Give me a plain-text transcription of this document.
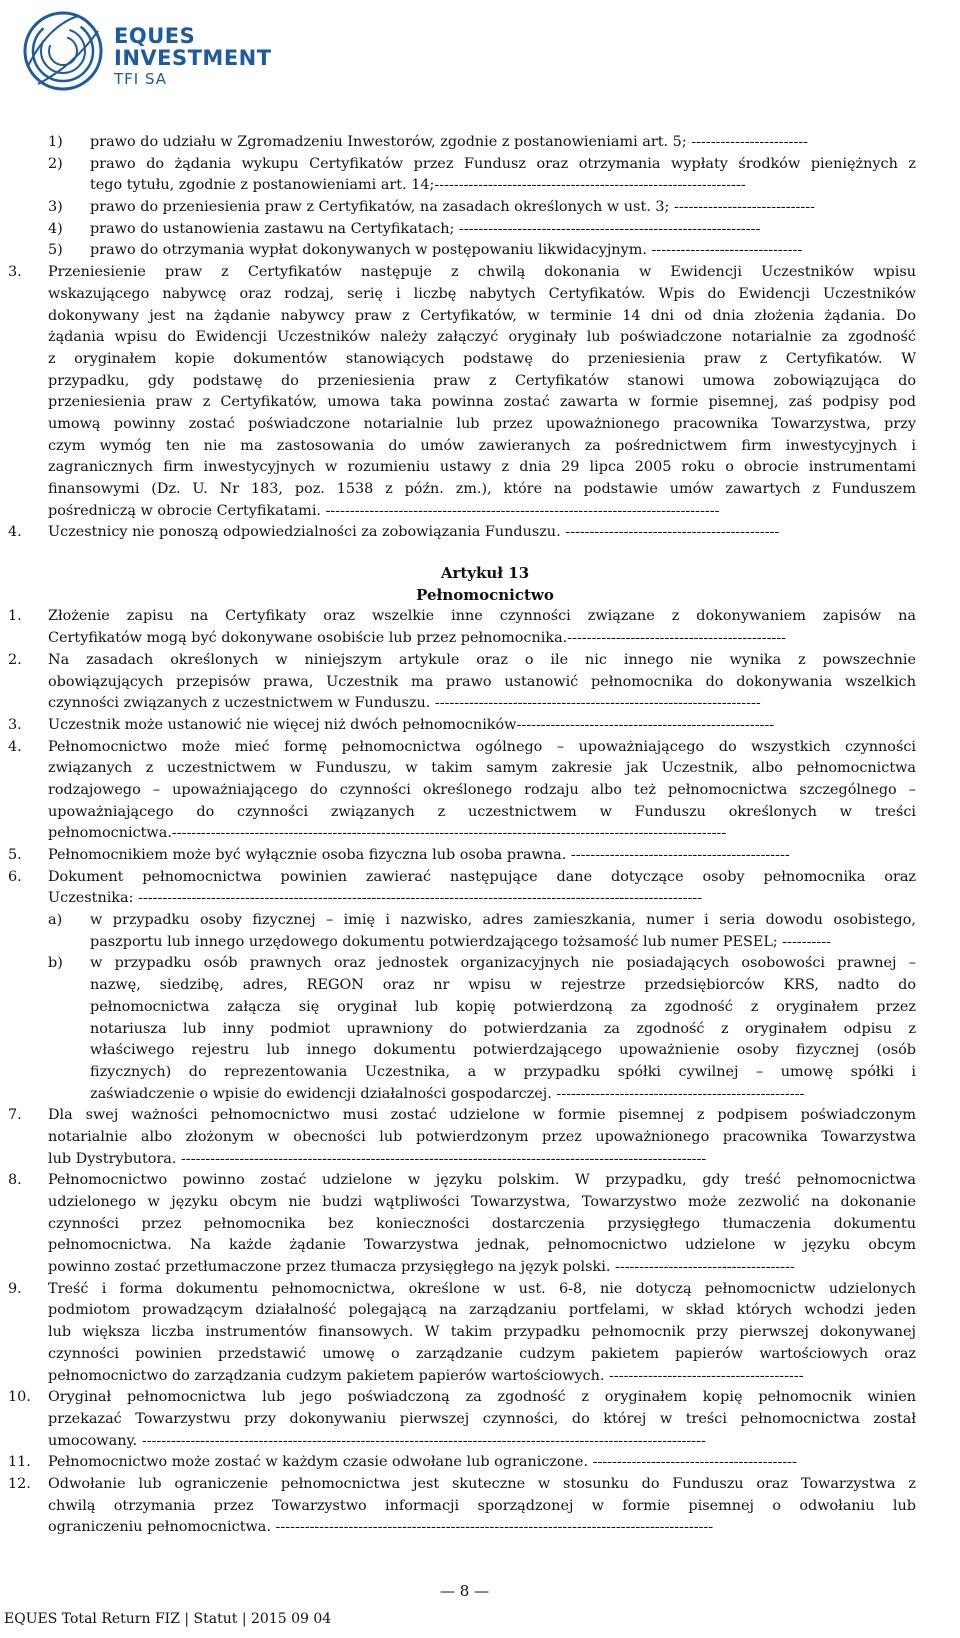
EQUES
INVESTMENT
TFI SA
1) prawo do udziału w Zgromadzeniu Inwestorów, zgodnie z postanowieniami art. 5; ------------------------
2) prawo do żądania wykupu Certyfikatów przez Fundusz oraz otrzymania wypłaty środków pieniężnych z
tego tytułu, zgodnie z postanowieniami art. 14;----------------------------------------------------------------
3) prawo do przeniesienia praw z Certyfikatów, na zasadach określonych w ust. 3; -----------------------------
4) prawo do ustanowienia zastawu na Certyfikatach; --------------------------------------------------------------
5) prawo do otrzymania wypłat dokonywanych w postępowaniu likwidacyjnym. -------------------------------
3. Przeniesienie praw z Certyfikatów następuje z chwilą dokonania w Ewidencji Uczestników wpisu
wskazującego nabywcę oraz rodzaj, serię i liczbę nabytych Certyfikatów. Wpis do Ewidencji Uczestników
dokonywany jest na żądanie nabywcy praw z Certyfikatów, w terminie 14 dni od dnia złożenia żądania. Do
żądania wpisu do Ewidencji Uczestników należy załączyć oryginały lub poświadczone notarialnie za zgodność
z oryginałem kopie dokumentów stanowiących podstawę do przeniesienia praw z Certyfikatów. W
przypadku, gdy podstawę do przeniesienia praw z Certyfikatów stanowi umowa zobowiązująca do
przeniesienia praw z Certyfikatów, umowa taka powinna zostać zawarta w formie pisemnej, zaś podpisy pod
umową powinny zostać poświadczone notarialnie lub przez upoważnionego pracownika Towarzystwa, przy
czym wymóg ten nie ma zastosowania do umów zawieranych za pośrednictwem firm inwestycyjnych i
zagranicznych firm inwestycyjnych w rozumieniu ustawy z dnia 29 lipca 2005 roku o obrocie instrumentami
finansowymi (Dz. U. Nr 183, poz. 1538 z późn. zm.), które na podstawie umów zawartych z Funduszem
pośredniczą w obrocie Certyfikatami. ---------------------------------------------------------------------------------
4. Uczestnicy nie ponoszą odpowiedzialności za zobowiązania Funduszu. --------------------------------------------
Artykuł 13
Pełnomocnictwo
1. Złożenie zapisu na Certyfikaty oraz wszelkie inne czynności związane z dokonywaniem zapisów na
Certyfikatów mogą być dokonywane osobiście lub przez pełnomocnika.---------------------------------------------
2. Na zasadach określonych w niniejszym artykule oraz o ile nic innego nie wynika z powszechnie
obowiązujących przepisów prawa, Uczestnik ma prawo ustanowić pełnomocnika do dokonywania wszelkich
czynności związanych z uczestnictwem w Funduszu. -------------------------------------------------------------------
3. Uczestnik może ustanowić nie więcej niż dwóch pełnomocników-----------------------------------------------------
4. Pełnomocnictwo może mieć formę pełnomocnictwa ogólnego – upoważniającego do wszystkich czynności
związanych z uczestnictwem w Funduszu, w takim samym zakresie jak Uczestnik, albo pełnomocnictwa
rodzajowego – upoważniającego do czynności określonego rodzaju albo też pełnomocnictwa szczególnego –
upoważniającego do czynności związanych z uczestnictwem w Funduszu określonych w treści
pełnomocnictwa.------------------------------------------------------------------------------------------------------------------
5. Pełnomocnikiem może być wyłącznie osoba fizyczna lub osoba prawna. ---------------------------------------------
6. Dokument pełnomocnictwa powinien zawierać następujące dane dotyczące osoby pełnomocnika oraz
Uczestnika: --------------------------------------------------------------------------------------------------------------------
a) w przypadku osoby fizycznej – imię i nazwisko, adres zamieszkania, numer i seria dowodu osobistego,
paszportu lub innego urzędowego dokumentu potwierdzającego tożsamość lub numer PESEL; ----------
b) w przypadku osób prawnych oraz jednostek organizacyjnych nie posiadających osobowości prawnej –
nazwę, siedzibę, adres, REGON oraz nr wpisu w rejestrze przedsiębiorców KRS, nadto do
pełnomocnictwa załącza się oryginał lub kopię potwierdzoną za zgodność z oryginałem przez
notariusza lub inny podmiot uprawniony do potwierdzania za zgodność z oryginałem odpisu z
właściwego rejestru lub innego dokumentu potwierdzającego upoważnienie osoby fizycznej (osób
fizycznych) do reprezentowania Uczestnika, a w przypadku spółki cywilnej – umowę spółki i
zaświadczenie o wpisie do ewidencji działalności gospodarczej. ---------------------------------------------------
7. Dla swej ważności pełnomocnictwo musi zostać udzielone w formie pisemnej z podpisem poświadczonym
notarialnie albo złożonym w obecności lub potwierdzonym przez upoważnionego pracownika Towarzystwa
lub Dystrybutora. ------------------------------------------------------------------------------------------------------------
8. Pełnomocnictwo powinno zostać udzielone w języku polskim. W przypadku, gdy treść pełnomocnictwa
udzielonego w języku obcym nie budzi wątpliwości Towarzystwa, Towarzystwo może zezwolić na dokonanie
czynności przez pełnomocnika bez konieczności dostarczenia przysięgłego tłumaczenia dokumentu
pełnomocnictwa. Na każde żądanie Towarzystwa jednak, pełnomocnictwo udzielone w języku obcym
powinno zostać przetłumaczone przez tłumacza przysięgłego na język polski. -------------------------------------
9. Treść i forma dokumentu pełnomocnictwa, określone w ust. 6-8, nie dotyczą pełnomocnictw udzielonych
podmiotom prowadzącym działalność polegającą na zarządzaniu portfelami, w skład których wchodzi jeden
lub większa liczba instrumentów finansowych. W takim przypadku pełnomocnik przy pierwszej dokonywanej
czynności powinien przedstawić umowę o zarządzanie cudzym pakietem papierów wartościowych oraz
pełnomocnictwo do zarządzania cudzym pakietem papierów wartościowych. ----------------------------------------
10. Oryginał pełnomocnictwa lub jego poświadczoną za zgodność z oryginałem kopię pełnomocnik winien
przekazać Towarzystwu przy dokonywaniu pierwszej czynności, do której w treści pełnomocnictwa został
umocowany. --------------------------------------------------------------------------------------------------------------------
11. Pełnomocnictwo może zostać w każdym czasie odwołane lub ograniczone. ------------------------------------------
12. Odwołanie lub ograniczenie pełnomocnictwa jest skuteczne w stosunku do Funduszu oraz Towarzystwa z
chwilą otrzymania przez Towarzystwo informacji sporządzonej w formie pisemnej o odwołaniu lub
ograniczeniu pełnomocnictwa. ------------------------------------------------------------------------------------------
— 8 —
EQUES Total Return FIZ | Statut | 2015 09 04
